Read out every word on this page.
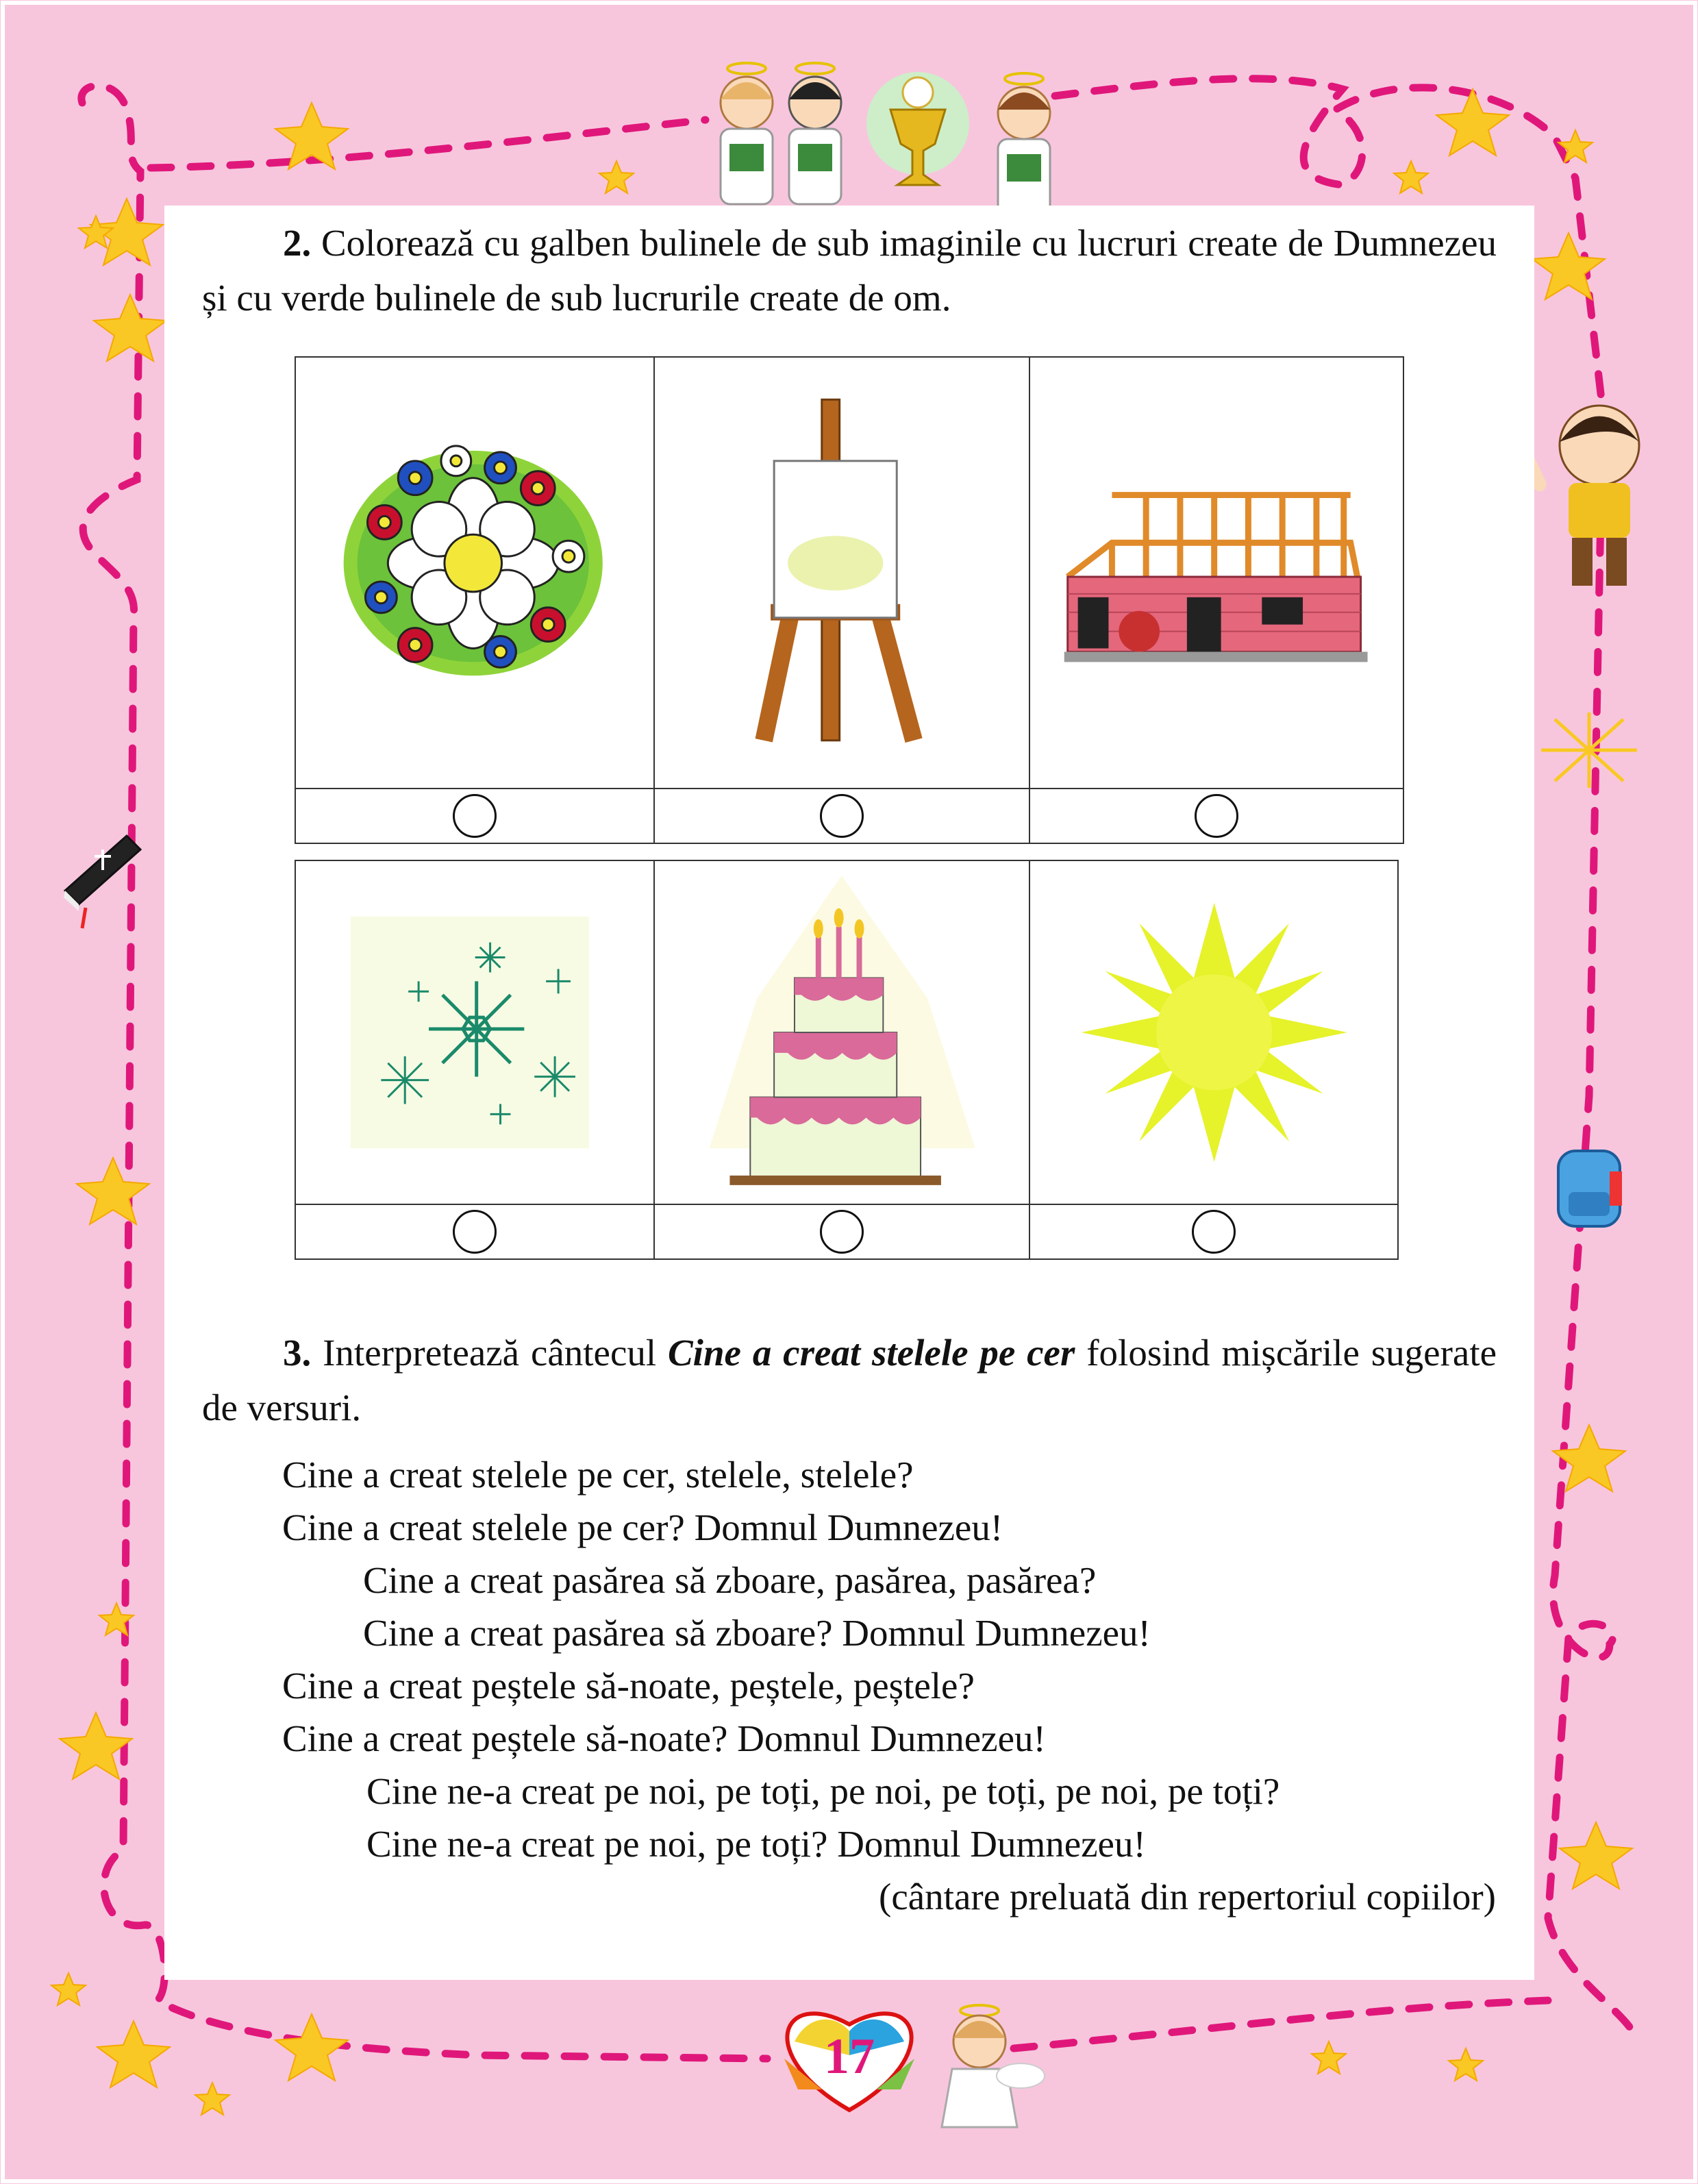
2. Colorează cu galben bulinele de sub imaginile cu lucruri create de Dumnezeu și cu verde bulinele de sub lucrurile create de om.

3. Interpretează cântecul Cine a creat stelele pe cer folosind mișcările sugerate de versuri.
Cine a creat stelele pe cer, stelele, stelele?
Cine a creat stelele pe cer? Domnul Dumnezeu!
Cine a creat pasărea să zboare, pasărea, pasărea?
Cine a creat pasărea să zboare? Domnul Dumnezeu!
Cine a creat peștele să-noate, peștele, peștele?
Cine a creat peștele să-noate? Domnul Dumnezeu!
Cine ne-a creat pe noi, pe toți, pe noi, pe toți, pe noi, pe toți?
Cine ne-a creat pe noi, pe toți? Domnul Dumnezeu!
(cântare preluată din repertoriul copiilor)
17
